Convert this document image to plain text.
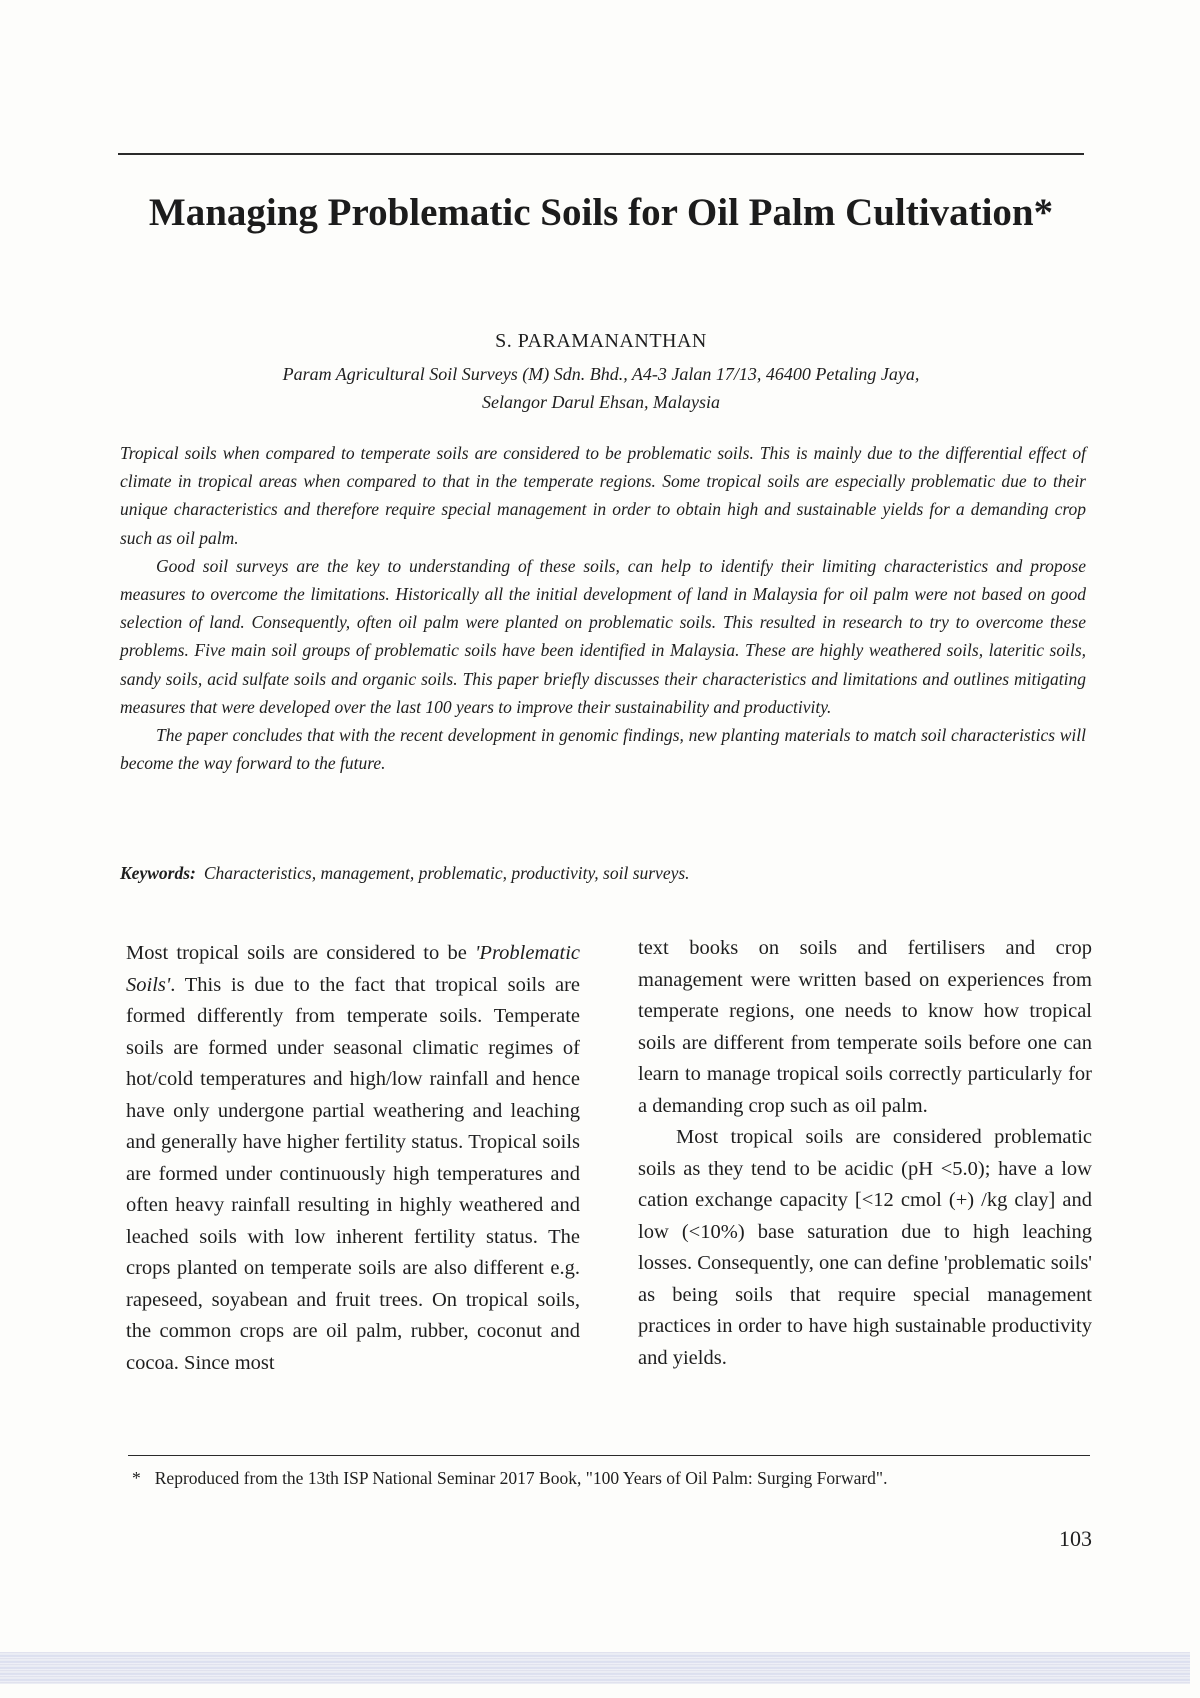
Managing Problematic Soils for Oil Palm Cultivation*
S. PARAMANANTHAN
Param Agricultural Soil Surveys (M) Sdn. Bhd., A4-3 Jalan 17/13, 46400 Petaling Jaya,
Selangor Darul Ehsan, Malaysia

Tropical soils when compared to temperate soils are considered to be problematic soils. This is mainly due to the differential effect of climate in tropical areas when compared to that in the temperate regions. Some tropical soils are especially problematic due to their unique characteristics and therefore require special management in order to obtain high and sustainable yields for a demanding crop such as oil palm.

Good soil surveys are the key to understanding of these soils, can help to identify their limiting characteristics and propose measures to overcome the limitations. Historically all the initial development of land in Malaysia for oil palm were not based on good selection of land. Consequently, often oil palm were planted on problematic soils. This resulted in research to try to overcome these problems. Five main soil groups of problematic soils have been identified in Malaysia. These are highly weathered soils, lateritic soils, sandy soils, acid sulfate soils and organic soils. This paper briefly discusses their characteristics and limitations and outlines mitigating measures that were developed over the last 100 years to improve their sustainability and productivity.

The paper concludes that with the recent development in genomic findings, new planting materials to match soil characteristics will become the way forward to the future.

Keywords: Characteristics, management, problematic, productivity, soil surveys.

Most tropical soils are considered to be 'Problematic Soils'. This is due to the fact that tropical soils are formed differently from temperate soils. Temperate soils are formed under seasonal climatic regimes of hot/cold temperatures and high/low rainfall and hence have only undergone partial weathering and leaching and generally have higher fertility status. Tropical soils are formed under continuously high temperatures and often heavy rainfall resulting in highly weathered and leached soils with low inherent fertility status. The crops planted on temperate soils are also different e.g. rapeseed, soyabean and fruit trees. On tropical soils, the common crops are oil palm, rubber, coconut and cocoa. Since most

text books on soils and fertilisers and crop management were written based on experiences from temperate regions, one needs to know how tropical soils are different from temperate soils before one can learn to manage tropical soils correctly particularly for a demanding crop such as oil palm.

Most tropical soils are considered problematic soils as they tend to be acidic (pH <5.0); have a low cation exchange capacity [<12 cmol (+) /kg clay] and low (<10%) base saturation due to high leaching losses. Consequently, one can define 'problematic soils' as being soils that require special management practices in order to have high sustainable productivity and yields.

* Reproduced from the 13th ISP National Seminar 2017 Book, "100 Years of Oil Palm: Surging Forward".
103
